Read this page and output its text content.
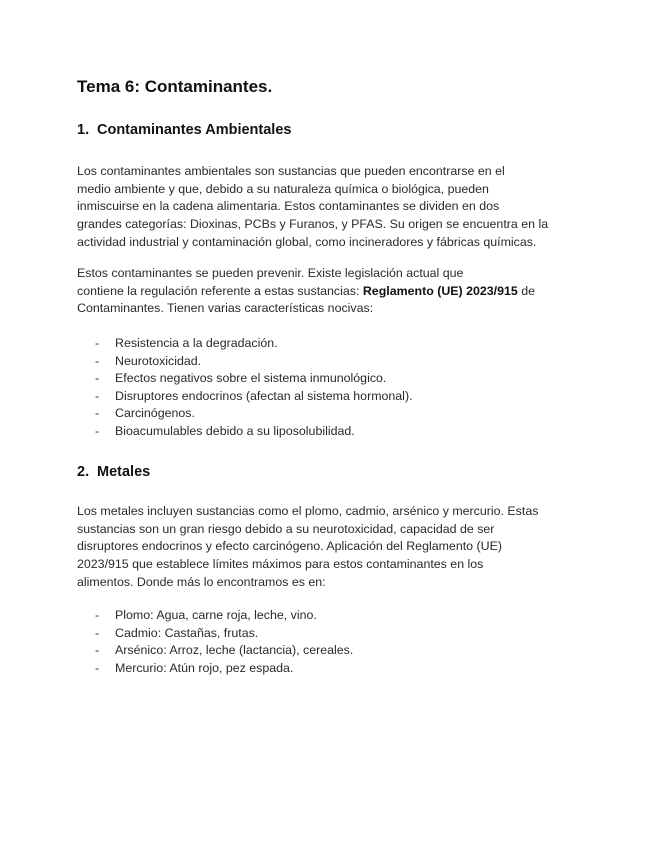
Tema 6: Contaminantes.
1. Contaminantes Ambientales

Los contaminantes ambientales son sustancias que pueden encontrarse en el
medio ambiente y que, debido a su naturaleza química o biológica, pueden
inmiscuirse en la cadena alimentaria. Estos contaminantes se dividen en dos
grandes categorías: Dioxinas, PCBs y Furanos, y PFAS. Su origen se encuentra en la
actividad industrial y contaminación global, como incineradores y fábricas químicas.

Estos contaminantes se pueden prevenir. Existe legislación actual que
contiene la regulación referente a estas sustancias: Reglamento (UE) 2023/915 de
Contaminantes. Tienen varias características nocivas:

- Resistencia a la degradación.
- Neurotoxicidad.
- Efectos negativos sobre el sistema inmunológico.
- Disruptores endocrinos (afectan al sistema hormonal).
- Carcinógenos.
- Bioacumulables debido a su liposolubilidad.
2. Metales

Los metales incluyen sustancias como el plomo, cadmio, arsénico y mercurio. Estas
sustancias son un gran riesgo debido a su neurotoxicidad, capacidad de ser
disruptores endocrinos y efecto carcinógeno. Aplicación del Reglamento (UE)
2023/915 que establece límites máximos para estos contaminantes en los
alimentos. Donde más lo encontramos es en:

- Plomo: Agua, carne roja, leche, vino.
- Cadmio: Castañas, frutas.
- Arsénico: Arroz, leche (lactancia), cereales.
- Mercurio: Atún rojo, pez espada.
